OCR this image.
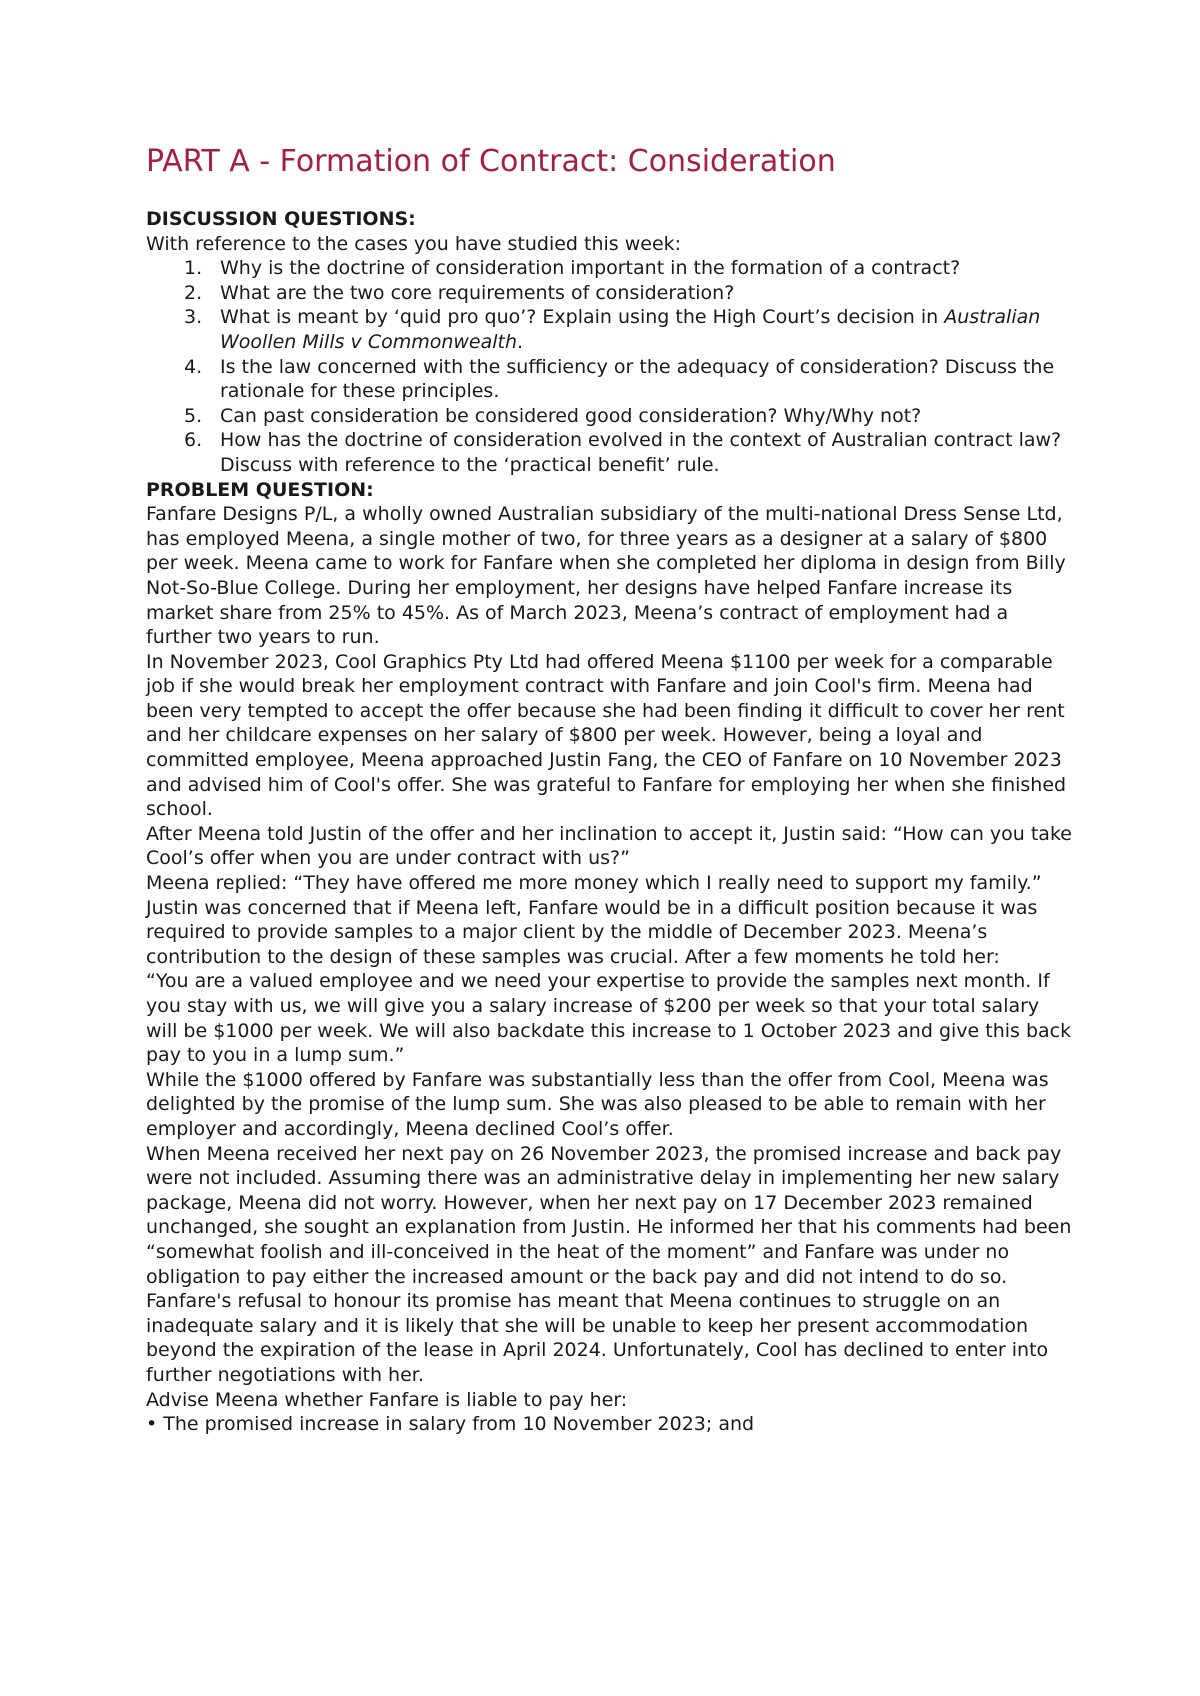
PART A - Formation of Contract: Consideration

DISCUSSION QUESTIONS:

With reference to the cases you have studied this week:

1. Why is the doctrine of consideration important in the formation of a contract?
2. What are the two core requirements of consideration?
3. What is meant by ‘quid pro quo’? Explain using the High Court’s decision in Australian Woollen Mills v Commonwealth.
4. Is the law concerned with the sufficiency or the adequacy of consideration? Discuss the rationale for these principles.
5. Can past consideration be considered good consideration? Why/Why not?
6. How has the doctrine of consideration evolved in the context of Australian contract law? Discuss with reference to the ‘practical benefit’ rule.

PROBLEM QUESTION:

Fanfare Designs P/L, a wholly owned Australian subsidiary of the multi-national Dress Sense Ltd, has employed Meena, a single mother of two, for three years as a designer at a salary of $800 per week. Meena came to work for Fanfare when she completed her diploma in design from Billy Not-So-Blue College. During her employment, her designs have helped Fanfare increase its market share from 25% to 45%. As of March 2023, Meena’s contract of employment had a further two years to run.

In November 2023, Cool Graphics Pty Ltd had offered Meena $1100 per week for a comparable job if she would break her employment contract with Fanfare and join Cool's firm. Meena had been very tempted to accept the offer because she had been finding it difficult to cover her rent and her childcare expenses on her salary of $800 per week. However, being a loyal and committed employee, Meena approached Justin Fang, the CEO of Fanfare on 10 November 2023 and advised him of Cool's offer. She was grateful to Fanfare for employing her when she finished school.

After Meena told Justin of the offer and her inclination to accept it, Justin said: “How can you take Cool’s offer when you are under contract with us?”

Meena replied: “They have offered me more money which I really need to support my family.”

Justin was concerned that if Meena left, Fanfare would be in a difficult position because it was required to provide samples to a major client by the middle of December 2023. Meena’s contribution to the design of these samples was crucial. After a few moments he told her:

“You are a valued employee and we need your expertise to provide the samples next month. If you stay with us, we will give you a salary increase of $200 per week so that your total salary will be $1000 per week. We will also backdate this increase to 1 October 2023 and give this back pay to you in a lump sum.”

While the $1000 offered by Fanfare was substantially less than the offer from Cool, Meena was delighted by the promise of the lump sum. She was also pleased to be able to remain with her employer and accordingly, Meena declined Cool’s offer.

When Meena received her next pay on 26 November 2023, the promised increase and back pay were not included. Assuming there was an administrative delay in implementing her new salary package, Meena did not worry. However, when her next pay on 17 December 2023 remained unchanged, she sought an explanation from Justin. He informed her that his comments had been “somewhat foolish and ill-conceived in the heat of the moment” and Fanfare was under no obligation to pay either the increased amount or the back pay and did not intend to do so.

Fanfare's refusal to honour its promise has meant that Meena continues to struggle on an inadequate salary and it is likely that she will be unable to keep her present accommodation beyond the expiration of the lease in April 2024. Unfortunately, Cool has declined to enter into further negotiations with her.

Advise Meena whether Fanfare is liable to pay her:

• The promised increase in salary from 10 November 2023; and
